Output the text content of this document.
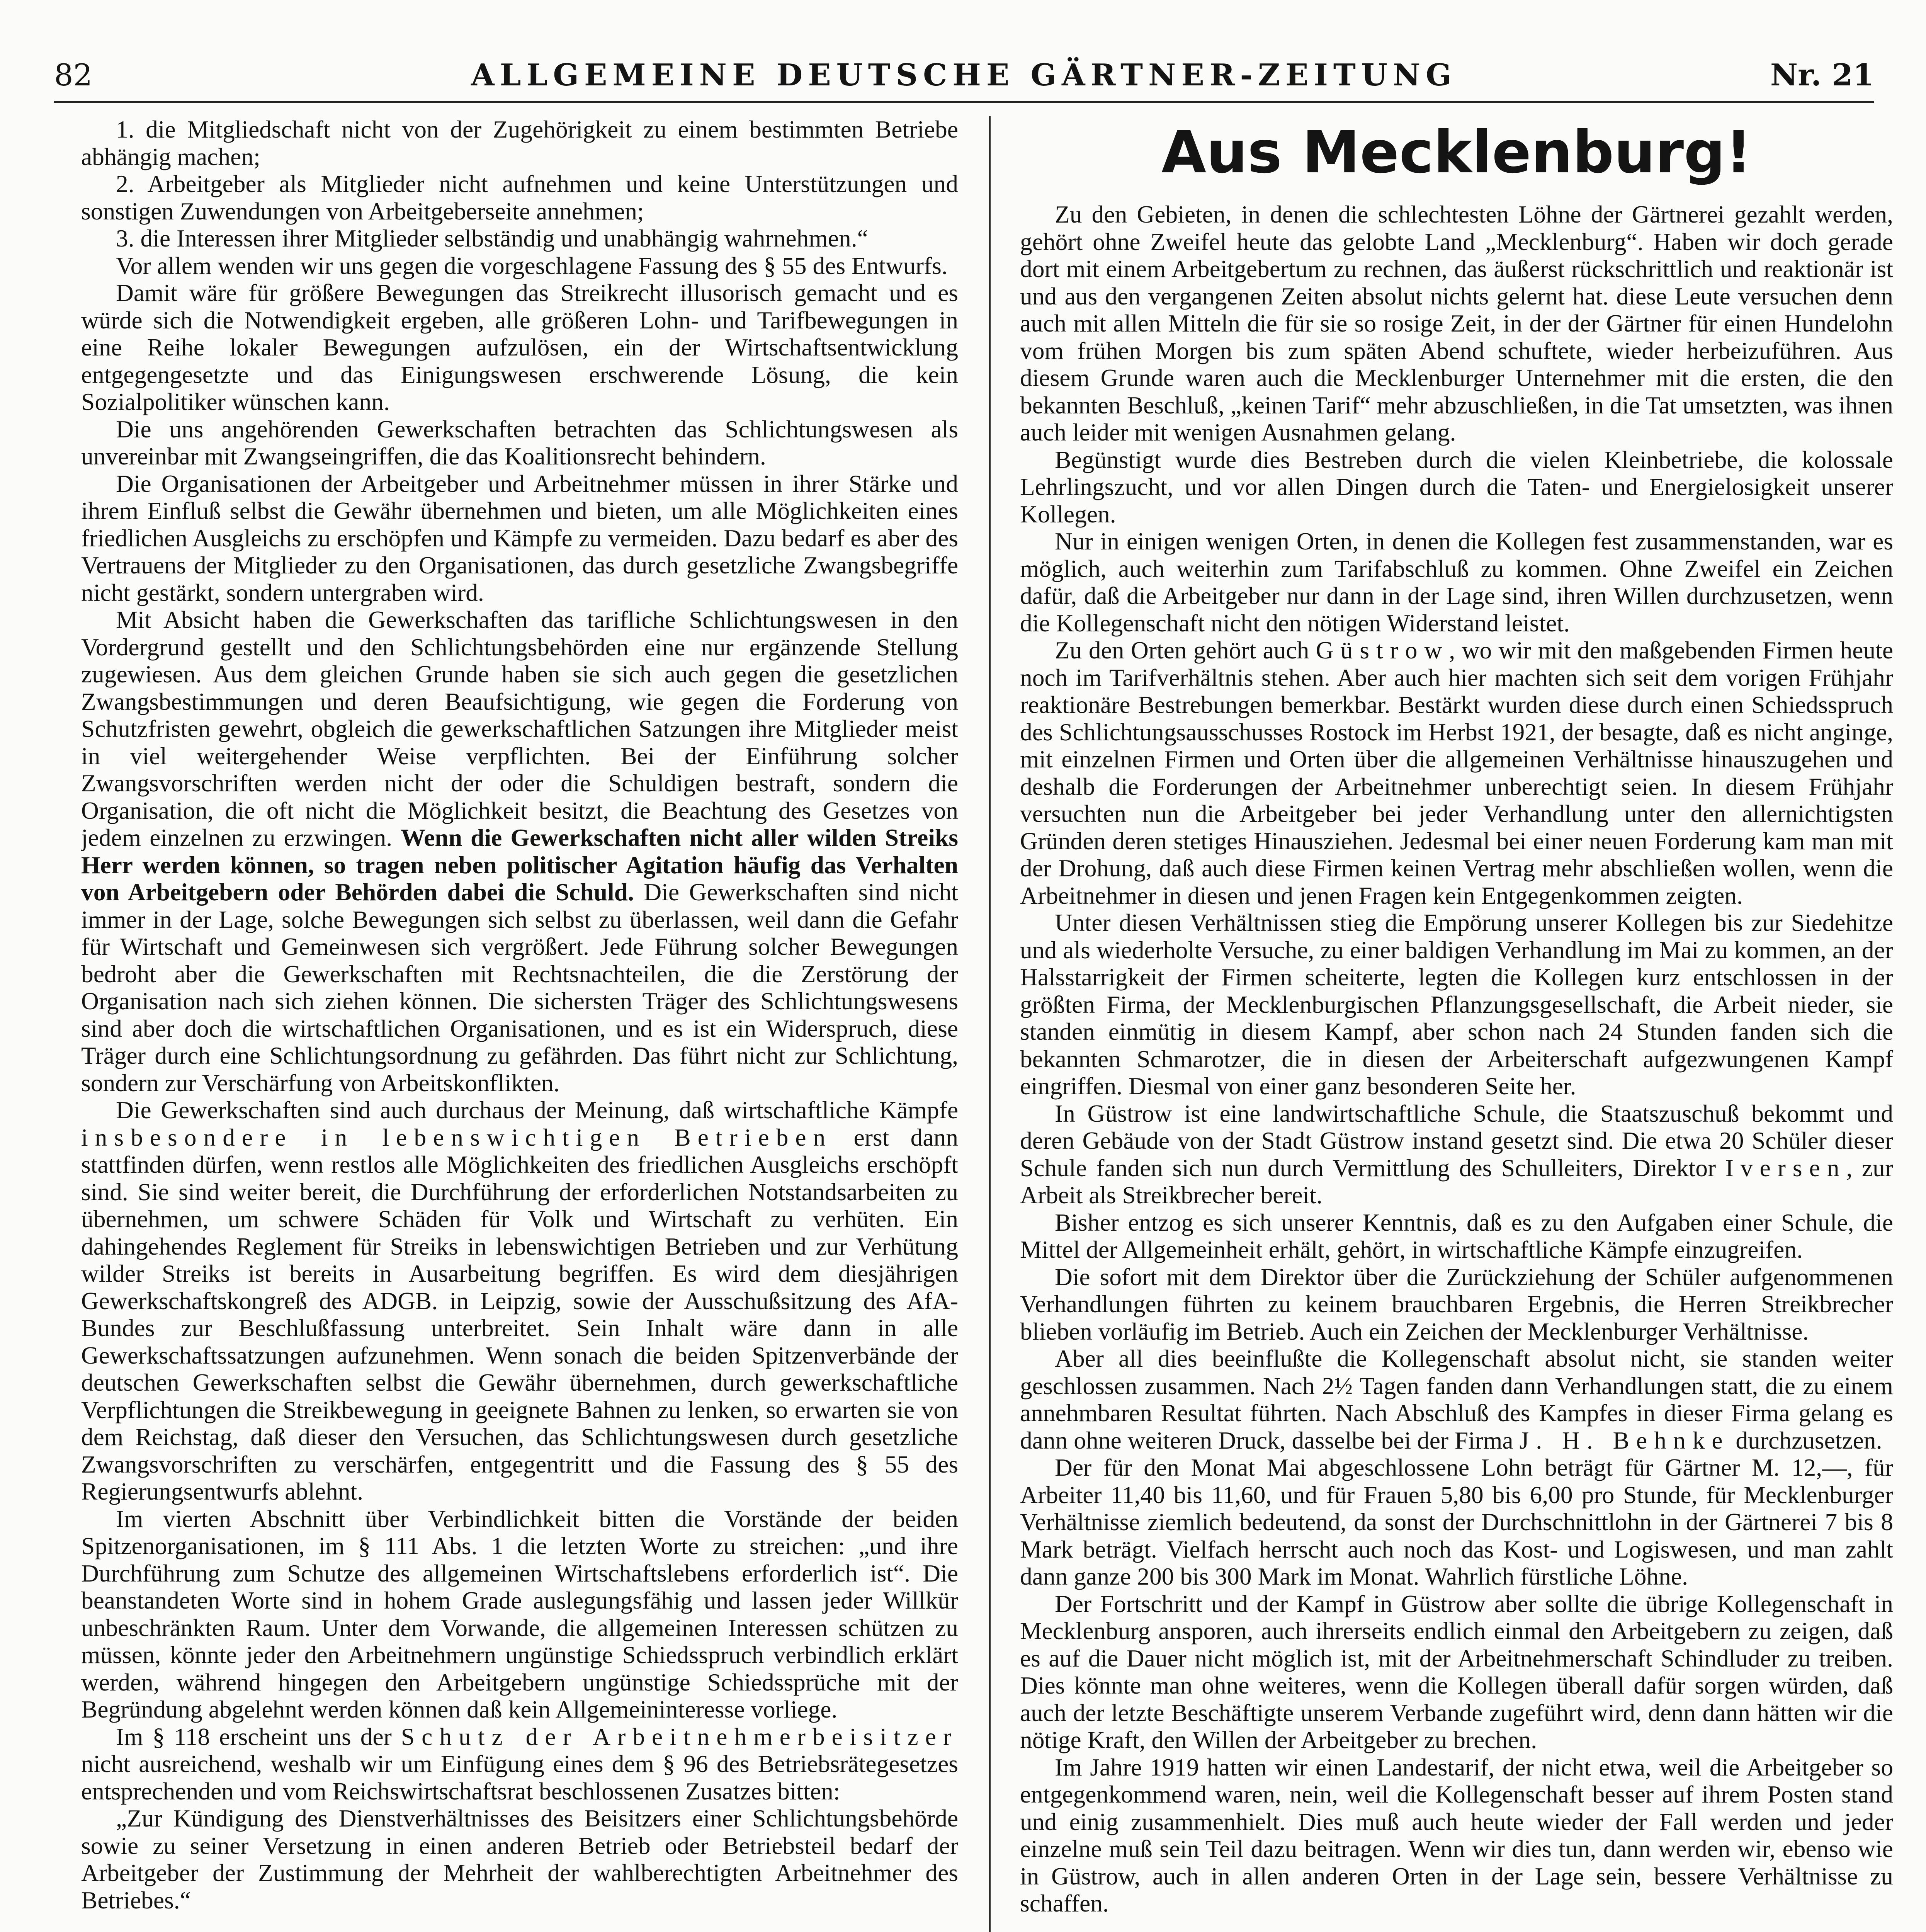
82	ALLGEMEINE DEUTSCHE GÄRTNER-ZEITUNG	Nr. 21

1. die Mitgliedschaft nicht von der Zugehörigkeit zu einem bestimmten Betriebe abhängig machen;

2. Arbeitgeber als Mitglieder nicht aufnehmen und keine Unterstützungen und sonstigen Zuwendungen von Arbeitgeberseite annehmen;

3. die Interessen ihrer Mitglieder selbständig und unabhängig wahrnehmen.“

Vor allem wenden wir uns gegen die vorgeschlagene Fassung des § 55 des Entwurfs.

Damit wäre für größere Bewegungen das Streikrecht illusorisch gemacht und es würde sich die Notwendigkeit ergeben, alle größeren Lohn- und Tarifbewegungen in eine Reihe lokaler Bewegungen aufzulösen, ein der Wirtschaftsentwicklung entgegengesetzte und das Einigungswesen erschwerende Lösung, die kein Sozialpolitiker wünschen kann.

Die uns angehörenden Gewerkschaften betrachten das Schlichtungswesen als unvereinbar mit Zwangseingriffen, die das Koalitionsrecht behindern.

Die Organisationen der Arbeitgeber und Arbeitnehmer müssen in ihrer Stärke und ihrem Einfluß selbst die Gewähr übernehmen und bieten, um alle Möglichkeiten eines friedlichen Ausgleichs zu erschöpfen und Kämpfe zu vermeiden. Dazu bedarf es aber des Vertrauens der Mitglieder zu den Organisationen, das durch gesetzliche Zwangsbegriffe nicht gestärkt, sondern untergraben wird.

Mit Absicht haben die Gewerkschaften das tarifliche Schlichtungswesen in den Vordergrund gestellt und den Schlichtungsbehörden eine nur ergänzende Stellung zugewiesen. Aus dem gleichen Grunde haben sie sich auch gegen die gesetzlichen Zwangsbestimmungen und deren Beaufsichtigung, wie gegen die Forderung von Schutzfristen gewehrt, obgleich die gewerkschaftlichen Satzungen ihre Mitglieder meist in viel weitergehender Weise verpflichten. Bei der Einführung solcher Zwangsvorschriften werden nicht der oder die Schuldigen bestraft, sondern die Organisation, die oft nicht die Möglichkeit besitzt, die Beachtung des Gesetzes von jedem einzelnen zu erzwingen. Wenn die Gewerkschaften nicht aller wilden Streiks Herr werden können, so tragen neben politischer Agitation häufig das Verhalten von Arbeitgebern oder Behörden dabei die Schuld. Die Gewerkschaften sind nicht immer in der Lage, solche Bewegungen sich selbst zu überlassen, weil dann die Gefahr für Wirtschaft und Gemeinwesen sich vergrößert. Jede Führung solcher Bewegungen bedroht aber die Gewerkschaften mit Rechtsnachteilen, die die Zerstörung der Organisation nach sich ziehen können. Die sichersten Träger des Schlichtungswesens sind aber doch die wirtschaftlichen Organisationen, und es ist ein Widerspruch, diese Träger durch eine Schlichtungsordnung zu gefährden. Das führt nicht zur Schlichtung, sondern zur Verschärfung von Arbeitskonflikten.

Die Gewerkschaften sind auch durchaus der Meinung, daß wirtschaftliche Kämpfe insbesondere in lebenswichtigen Betrieben erst dann stattfinden dürfen, wenn restlos alle Möglichkeiten des friedlichen Ausgleichs erschöpft sind. Sie sind weiter bereit, die Durchführung der erforderlichen Notstandsarbeiten zu übernehmen, um schwere Schäden für Volk und Wirtschaft zu verhüten. Ein dahingehendes Reglement für Streiks in lebenswichtigen Betrieben und zur Verhütung wilder Streiks ist bereits in Ausarbeitung begriffen. Es wird dem diesjährigen Gewerkschaftskongreß des ADGB. in Leipzig, sowie der Ausschußsitzung des AfA-Bundes zur Beschlußfassung unterbreitet. Sein Inhalt wäre dann in alle Gewerkschaftssatzungen aufzunehmen. Wenn sonach die beiden Spitzenverbände der deutschen Gewerkschaften selbst die Gewähr übernehmen, durch gewerkschaftliche Verpflichtungen die Streikbewegung in geeignete Bahnen zu lenken, so erwarten sie von dem Reichstag, daß dieser den Versuchen, das Schlichtungswesen durch gesetzliche Zwangsvorschriften zu verschärfen, entgegentritt und die Fassung des § 55 des Regierungsentwurfs ablehnt.

Im vierten Abschnitt über Verbindlichkeit bitten die Vorstände der beiden Spitzenorganisationen, im § 111 Abs. 1 die letzten Worte zu streichen: „und ihre Durchführung zum Schutze des allgemeinen Wirtschaftslebens erforderlich ist“. Die beanstandeten Worte sind in hohem Grade auslegungsfähig und lassen jeder Willkür unbeschränkten Raum. Unter dem Vorwande, die allgemeinen Interessen schützen zu müssen, könnte jeder den Arbeitnehmern ungünstige Schiedsspruch verbindlich erklärt werden, während hingegen den Arbeitgebern ungünstige Schiedssprüche mit der Begründung abgelehnt werden können daß kein Allgemeininteresse vorliege.

Im § 118 erscheint uns der Schutz der Arbeitnehmerbeisitzer nicht ausreichend, weshalb wir um Einfügung eines dem § 96 des Betriebsrätegesetzes entsprechenden und vom Reichswirtschaftsrat beschlossenen Zusatzes bitten:

„Zur Kündigung des Dienstverhältnisses des Beisitzers einer Schlichtungsbehörde sowie zu seiner Versetzung in einen anderen Betrieb oder Betriebsteil bedarf der Arbeitgeber der Zustimmung der Mehrheit der wahlberechtigten Arbeitnehmer des Betriebes.“

Aus Mecklenburg!

Zu den Gebieten, in denen die schlechtesten Löhne der Gärtnerei gezahlt werden, gehört ohne Zweifel heute das gelobte Land „Mecklenburg“. Haben wir doch gerade dort mit einem Arbeitgebertum zu rechnen, das äußerst rückschrittlich und reaktionär ist und aus den vergangenen Zeiten absolut nichts gelernt hat. diese Leute versuchen denn auch mit allen Mitteln die für sie so rosige Zeit, in der der Gärtner für einen Hundelohn vom frühen Morgen bis zum späten Abend schuftete, wieder herbeizuführen. Aus diesem Grunde waren auch die Mecklenburger Unternehmer mit die ersten, die den bekannten Beschluß, „keinen Tarif“ mehr abzuschließen, in die Tat umsetzten, was ihnen auch leider mit wenigen Ausnahmen gelang.

Begünstigt wurde dies Bestreben durch die vielen Kleinbetriebe, die kolossale Lehrlingszucht, und vor allen Dingen durch die Taten- und Energielosigkeit unserer Kollegen.

Nur in einigen wenigen Orten, in denen die Kollegen fest zusammenstanden, war es möglich, auch weiterhin zum Tarifabschluß zu kommen. Ohne Zweifel ein Zeichen dafür, daß die Arbeitgeber nur dann in der Lage sind, ihren Willen durchzusetzen, wenn die Kollegenschaft nicht den nötigen Widerstand leistet.

Zu den Orten gehört auch Güstrow, wo wir mit den maßgebenden Firmen heute noch im Tarifverhältnis stehen. Aber auch hier machten sich seit dem vorigen Frühjahr reaktionäre Bestrebungen bemerkbar. Bestärkt wurden diese durch einen Schiedsspruch des Schlichtungsausschusses Rostock im Herbst 1921, der besagte, daß es nicht anginge, mit einzelnen Firmen und Orten über die allgemeinen Verhältnisse hinauszugehen und deshalb die Forderungen der Arbeitnehmer unberechtigt seien. In diesem Frühjahr versuchten nun die Arbeitgeber bei jeder Verhandlung unter den allernichtigsten Gründen deren stetiges Hinausziehen. Jedesmal bei einer neuen Forderung kam man mit der Drohung, daß auch diese Firmen keinen Vertrag mehr abschließen wollen, wenn die Arbeitnehmer in diesen und jenen Fragen kein Entgegenkommen zeigten.

Unter diesen Verhältnissen stieg die Empörung unserer Kollegen bis zur Siedehitze und als wiederholte Versuche, zu einer baldigen Verhandlung im Mai zu kommen, an der Halsstarrigkeit der Firmen scheiterte, legten die Kollegen kurz entschlossen in der größten Firma, der Mecklenburgischen Pflanzungsgesellschaft, die Arbeit nieder, sie standen einmütig in diesem Kampf, aber schon nach 24 Stunden fanden sich die bekannten Schmarotzer, die in diesen der Arbeiterschaft aufgezwungenen Kampf eingriffen. Diesmal von einer ganz besonderen Seite her.

In Güstrow ist eine landwirtschaftliche Schule, die Staatszuschuß bekommt und deren Gebäude von der Stadt Güstrow instand gesetzt sind. Die etwa 20 Schüler dieser Schule fanden sich nun durch Vermittlung des Schulleiters, Direktor Iversen, zur Arbeit als Streikbrecher bereit.

Bisher entzog es sich unserer Kenntnis, daß es zu den Aufgaben einer Schule, die Mittel der Allgemeinheit erhält, gehört, in wirtschaftliche Kämpfe einzugreifen.

Die sofort mit dem Direktor über die Zurückziehung der Schüler aufgenommenen Verhandlungen führten zu keinem brauchbaren Ergebnis, die Herren Streikbrecher blieben vorläufig im Betrieb. Auch ein Zeichen der Mecklenburger Verhältnisse.

Aber all dies beeinflußte die Kollegenschaft absolut nicht, sie standen weiter geschlossen zusammen. Nach 2½ Tagen fanden dann Verhandlungen statt, die zu einem annehmbaren Resultat führten. Nach Abschluß des Kampfes in dieser Firma gelang es dann ohne weiteren Druck, dasselbe bei der Firma J. H. Behnke durchzusetzen.

Der für den Monat Mai abgeschlossene Lohn beträgt für Gärtner M. 12,—, für Arbeiter 11,40 bis 11,60, und für Frauen 5,80 bis 6,00 pro Stunde, für Mecklenburger Verhältnisse ziemlich bedeutend, da sonst der Durchschnittlohn in der Gärtnerei 7 bis 8 Mark beträgt. Vielfach herrscht auch noch das Kost- und Logiswesen, und man zahlt dann ganze 200 bis 300 Mark im Monat. Wahrlich fürstliche Löhne.

Der Fortschritt und der Kampf in Güstrow aber sollte die übrige Kollegenschaft in Mecklenburg ansporen, auch ihrerseits endlich einmal den Arbeitgebern zu zeigen, daß es auf die Dauer nicht möglich ist, mit der Arbeitnehmerschaft Schindluder zu treiben. Dies könnte man ohne weiteres, wenn die Kollegen überall dafür sorgen würden, daß auch der letzte Beschäftigte unserem Verbande zugeführt wird, denn dann hätten wir die nötige Kraft, den Willen der Arbeitgeber zu brechen.

Im Jahre 1919 hatten wir einen Landestarif, der nicht etwa, weil die Arbeitgeber so entgegenkommend waren, nein, weil die Kollegenschaft besser auf ihrem Posten stand und einig zusammenhielt. Dies muß auch heute wieder der Fall werden und jeder einzelne muß sein Teil dazu beitragen. Wenn wir dies tun, dann werden wir, ebenso wie in Güstrow, auch in allen anderen Orten in der Lage sein, bessere Verhältnisse zu schaffen.
